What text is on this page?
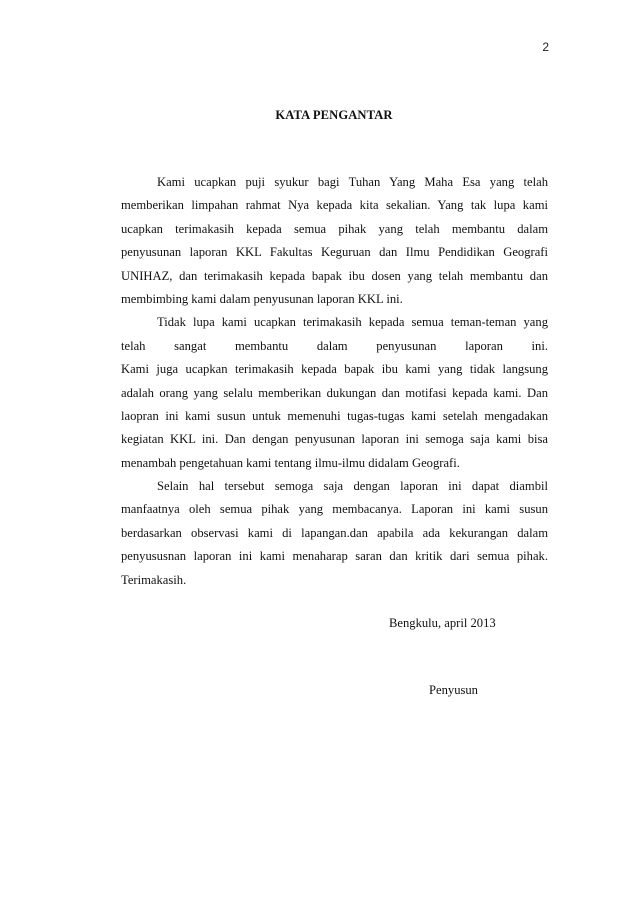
2
KATA PENGANTAR

Kami ucapkan puji syukur bagi Tuhan Yang Maha Esa yang telah
memberikan limpahan rahmat Nya kepada kita sekalian. Yang tak lupa kami
ucapkan terimakasih kepada semua pihak yang telah membantu dalam
penyusunan laporan KKL Fakultas Keguruan dan Ilmu Pendidikan Geografi
UNIHAZ, dan terimakasih kepada bapak ibu dosen yang telah membantu dan
membimbing kami dalam penyusunan laporan KKL ini.

Tidak lupa kami ucapkan terimakasih kepada semua teman-teman yang
telah sangat membantu dalam penyusunan laporan ini.
Kami juga ucapkan terimakasih kepada bapak ibu kami yang tidak langsung
adalah orang yang selalu memberikan dukungan dan motifasi kepada kami. Dan
laopran ini kami susun untuk memenuhi tugas-tugas kami setelah mengadakan
kegiatan KKL ini. Dan dengan penyusunan laporan ini semoga saja kami bisa
menambah pengetahuan kami tentang ilmu-ilmu didalam Geografi.

Selain hal tersebut semoga saja dengan laporan ini dapat diambil
manfaatnya oleh semua pihak yang membacanya. Laporan ini kami susun
berdasarkan observasi kami di lapangan.dan apabila ada kekurangan dalam
penyususnan laporan ini kami menaharap saran dan kritik dari semua pihak.
Terimakasih.

Bengkulu, april 2013
Penyusun
